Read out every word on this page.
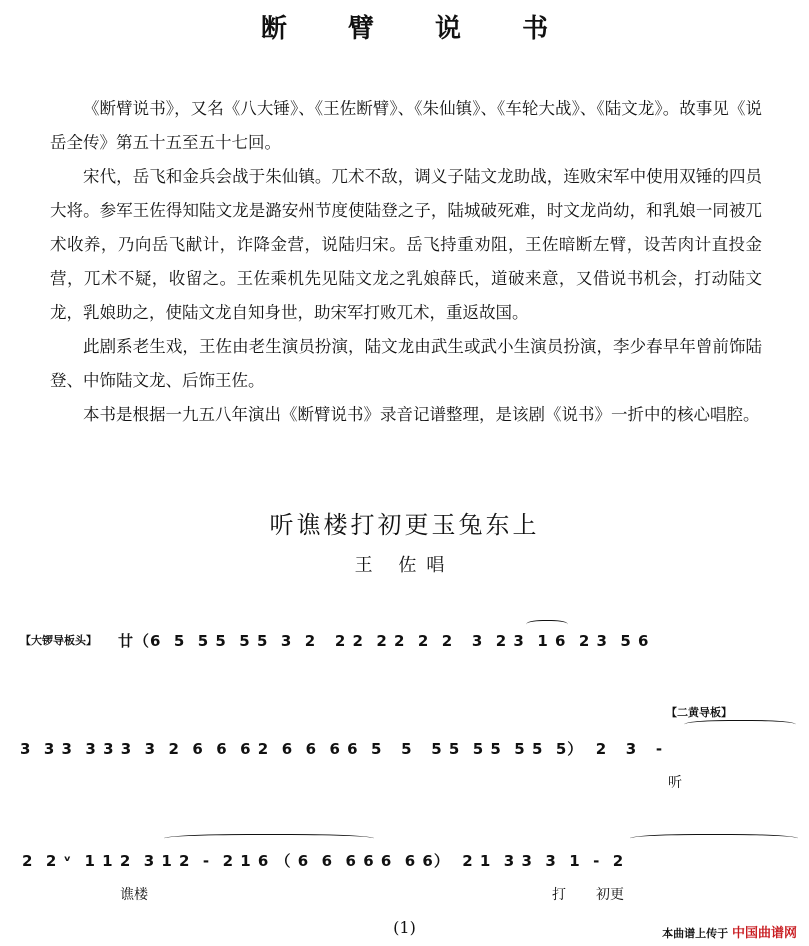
断 臂 说 书

《断臂说书》，又名《八大锤》、《王佐断臂》、《朱仙镇》、《车轮大战》、《陆文龙》。故事见《说岳全传》第五十五至五十七回。

宋代，岳飞和金兵会战于朱仙镇。兀术不敌，调义子陆文龙助战，连败宋军中使用双锤的四员大将。参军王佐得知陆文龙是潞安州节度使陆登之子，陆城破死难，时文龙尚幼，和乳娘一同被兀术收养，乃向岳飞献计，诈降金营，说陆归宋。岳飞持重劝阻，王佐暗断左臂，设苦肉计直投金营，兀术不疑，收留之。王佐乘机先见陆文龙之乳娘薛氏，道破来意，又借说书机会，打动陆文龙，乳娘助之，使陆文龙自知身世，助宋军打败兀术，重返故国。

此剧系老生戏，王佐由老生演员扮演，陆文龙由武生或武小生演员扮演，李少春早年曾前饰陆登、中饰陆文龙、后饰王佐。

本书是根据一九五八年演出《断臂说书》录音记谱整理，是该剧《说书》一折中的核心唱腔。

听谯楼打初更玉兔东上
王 佐唱
【大锣导板头】 廿（6  5  5 5  5 5  3  2   2 2  2 2  2  2   3  2 3  1 6  2 3  5 6
【二黄导板】
3  3 3  3 3 3  3  2  6  6  6 2  6  6  6 6  5   5   5 5  5 5  5 5  5）  2   3   -
听
2  2 ᵛ  1 1 2  3 1 2  -  2 1 6 （ 6  6  6 6 6  6 6）  2 1  3 3  3  1  -  2
谯楼	打 初更
(1)	本曲谱上传于 中国曲谱网
